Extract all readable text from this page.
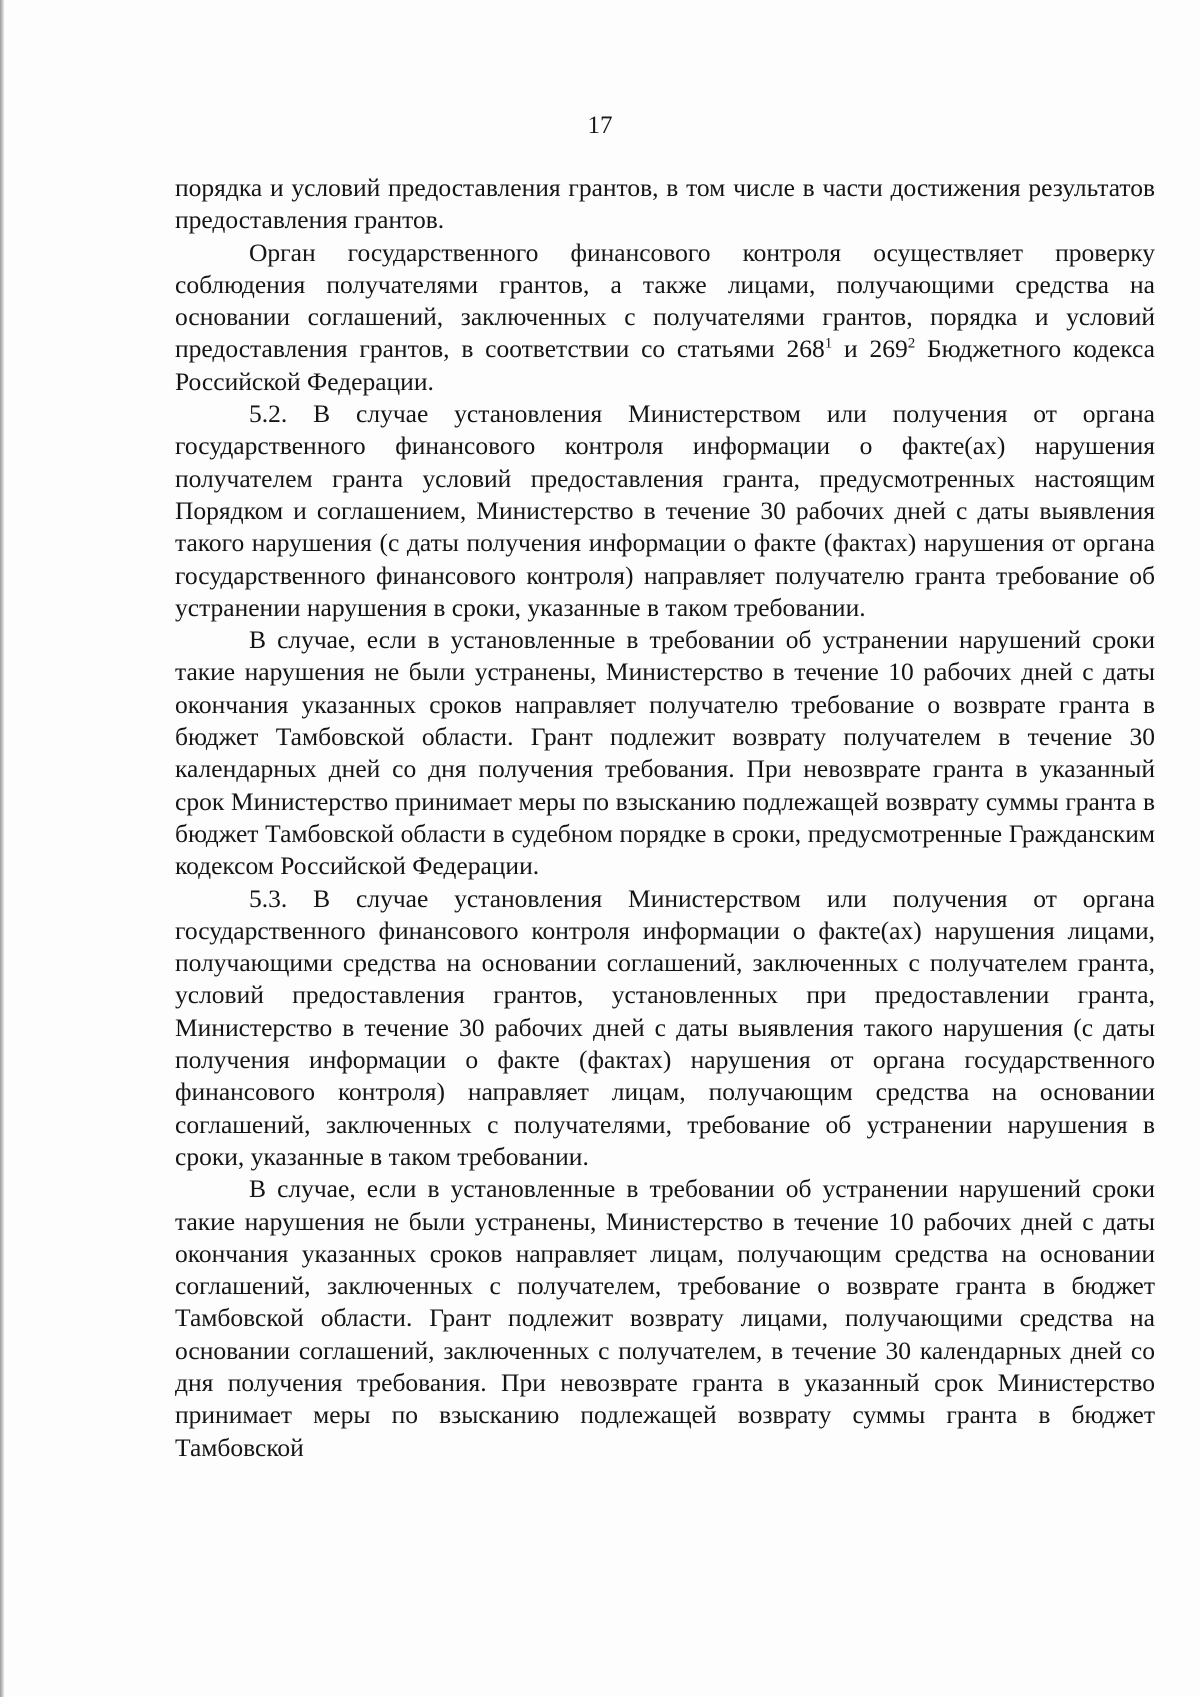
17

порядка и условий предоставления грантов, в том числе в части достижения результатов предоставления грантов.

Орган государственного финансового контроля осуществляет проверку соблюдения получателями грантов, а также лицами, получающими средства на основании соглашений, заключенных с получателями грантов, порядка и условий предоставления грантов, в соответствии со статьями $268^1$ и $269^2$ Бюджетного кодекса Российской Федерации.

5.2. В случае установления Министерством или получения от органа государственного финансового контроля информации о факте(ах) нарушения получателем гранта условий предоставления гранта, предусмотренных настоящим Порядком и соглашением, Министерство в течение 30 рабочих дней с даты выявления такого нарушения (с даты получения информации о факте (фактах) нарушения от органа государственного финансового контроля) направляет получателю гранта требование об устранении нарушения в сроки, указанные в таком требовании.

В случае, если в установленные в требовании об устранении нарушений сроки такие нарушения не были устранены, Министерство в течение 10 рабочих дней с даты окончания указанных сроков направляет получателю требование о возврате гранта в бюджет Тамбовской области. Грант подлежит возврату получателем в течение 30 календарных дней со дня получения требования. При невозврате гранта в указанный срок Министерство принимает меры по взысканию подлежащей возврату суммы гранта в бюджет Тамбовской области в судебном порядке в сроки, предусмотренные Гражданским кодексом Российской Федерации.

5.3. В случае установления Министерством или получения от органа государственного финансового контроля информации о факте(ах) нарушения лицами, получающими средства на основании соглашений, заключенных с получателем гранта, условий предоставления грантов, установленных при предоставлении гранта, Министерство в течение 30 рабочих дней с даты выявления такого нарушения (с даты получения информации о факте (фактах) нарушения от органа государственного финансового контроля) направляет лицам, получающим средства на основании соглашений, заключенных с получателями, требование об устранении нарушения в сроки, указанные в таком требовании.

В случае, если в установленные в требовании об устранении нарушений сроки такие нарушения не были устранены, Министерство в течение 10 рабочих дней с даты окончания указанных сроков направляет лицам, получающим средства на основании соглашений, заключенных с получателем, требование о возврате гранта в бюджет Тамбовской области. Грант подлежит возврату лицами, получающими средства на основании соглашений, заключенных с получателем, в течение 30 календарных дней со дня получения требования. При невозврате гранта в указанный срок Министерство принимает меры по взысканию подлежащей возврату суммы гранта в бюджет Тамбовской
